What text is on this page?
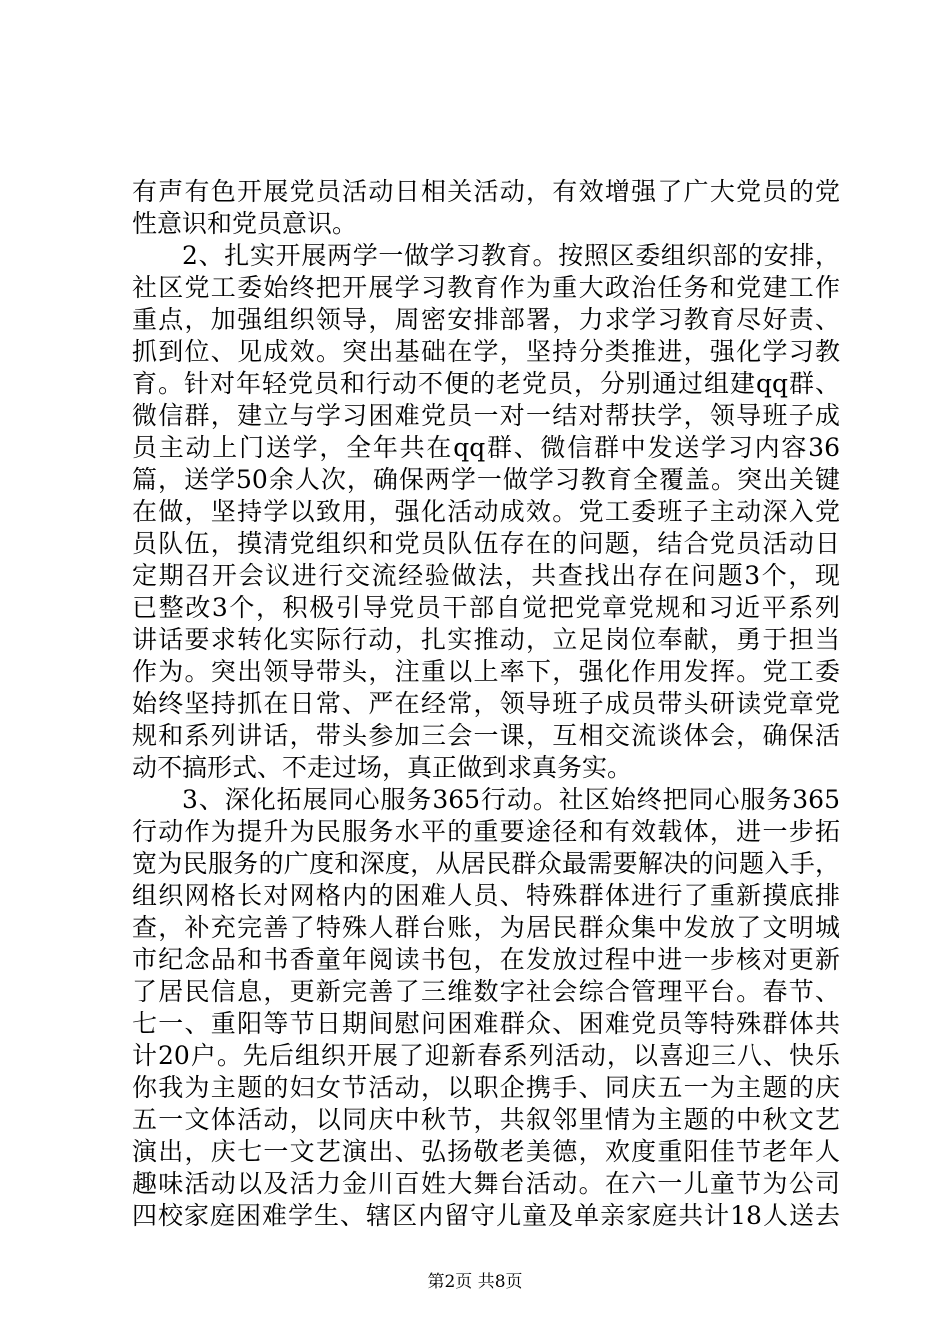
有声有色开展党员活动日相关活动，有效增强了广大党员的党
性意识和党员意识。
2、扎实开展两学一做学习教育。按照区委组织部的安排，
社区党工委始终把开展学习教育作为重大政治任务和党建工作
重点，加强组织领导，周密安排部署，力求学习教育尽好责、
抓到位、见成效。突出基础在学，坚持分类推进，强化学习教
育。针对年轻党员和行动不便的老党员，分别通过组建qq群、
微信群，建立与学习困难党员一对一结对帮扶学，领导班子成
员主动上门送学，全年共在qq群、微信群中发送学习内容36
篇，送学50余人次，确保两学一做学习教育全覆盖。突出关键
在做，坚持学以致用，强化活动成效。党工委班子主动深入党
员队伍，摸清党组织和党员队伍存在的问题，结合党员活动日
定期召开会议进行交流经验做法，共查找出存在问题3个，现
已整改3个，积极引导党员干部自觉把党章党规和习近平系列
讲话要求转化实际行动，扎实推动，立足岗位奉献，勇于担当
作为。突出领导带头，注重以上率下，强化作用发挥。党工委
始终坚持抓在日常、严在经常，领导班子成员带头研读党章党
规和系列讲话，带头参加三会一课，互相交流谈体会，确保活
动不搞形式、不走过场，真正做到求真务实。
3、深化拓展同心服务365行动。社区始终把同心服务365
行动作为提升为民服务水平的重要途径和有效载体，进一步拓
宽为民服务的广度和深度，从居民群众最需要解决的问题入手，
组织网格长对网格内的困难人员、特殊群体进行了重新摸底排
查，补充完善了特殊人群台账，为居民群众集中发放了文明城
市纪念品和书香童年阅读书包，在发放过程中进一步核对更新
了居民信息，更新完善了三维数字社会综合管理平台。春节、
七一、重阳等节日期间慰问困难群众、困难党员等特殊群体共
计20户。先后组织开展了迎新春系列活动，以喜迎三八、快乐
你我为主题的妇女节活动，以职企携手、同庆五一为主题的庆
五一文体活动，以同庆中秋节，共叙邻里情为主题的中秋文艺
演出，庆七一文艺演出、弘扬敬老美德，欢度重阳佳节老年人
趣味活动以及活力金川百姓大舞台活动。在六一儿童节为公司
四校家庭困难学生、辖区内留守儿童及单亲家庭共计18人送去
第2页 共8页
